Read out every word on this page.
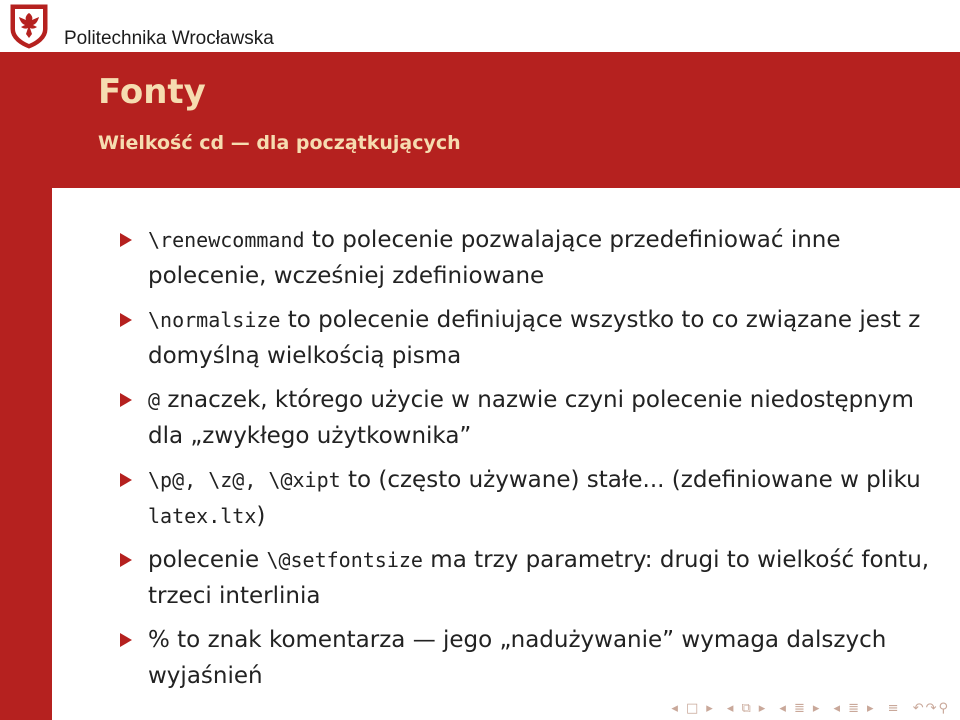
Politechnika Wrocławska
Fonty
Wielkość cd — dla początkujących
\renewcommand to polecenie pozwalające przedefiniować inne polecenie, wcześniej zdefiniowane
\normalsize to polecenie definiujące wszystko to co związane jest z domyślną wielkością pisma
@ znaczek, którego użycie w nazwie czyni polecenie niedostępnym dla „zwykłego użytkownika”
\p@, \z@, \@xipt to (często używane) stałe... (zdefiniowane w pliku latex.ltx)
polecenie \@setfontsize ma trzy parametry: drugi to wielkość fontu, trzeci interlinia
% to znak komentarza — jego „nadużywanie” wymaga dalszych wyjaśnień
◂ □ ▸ ◂ ⧉ ▸ ◂ ≣ ▸ ◂ ≣ ▸ ≡ ↶↷⚲
